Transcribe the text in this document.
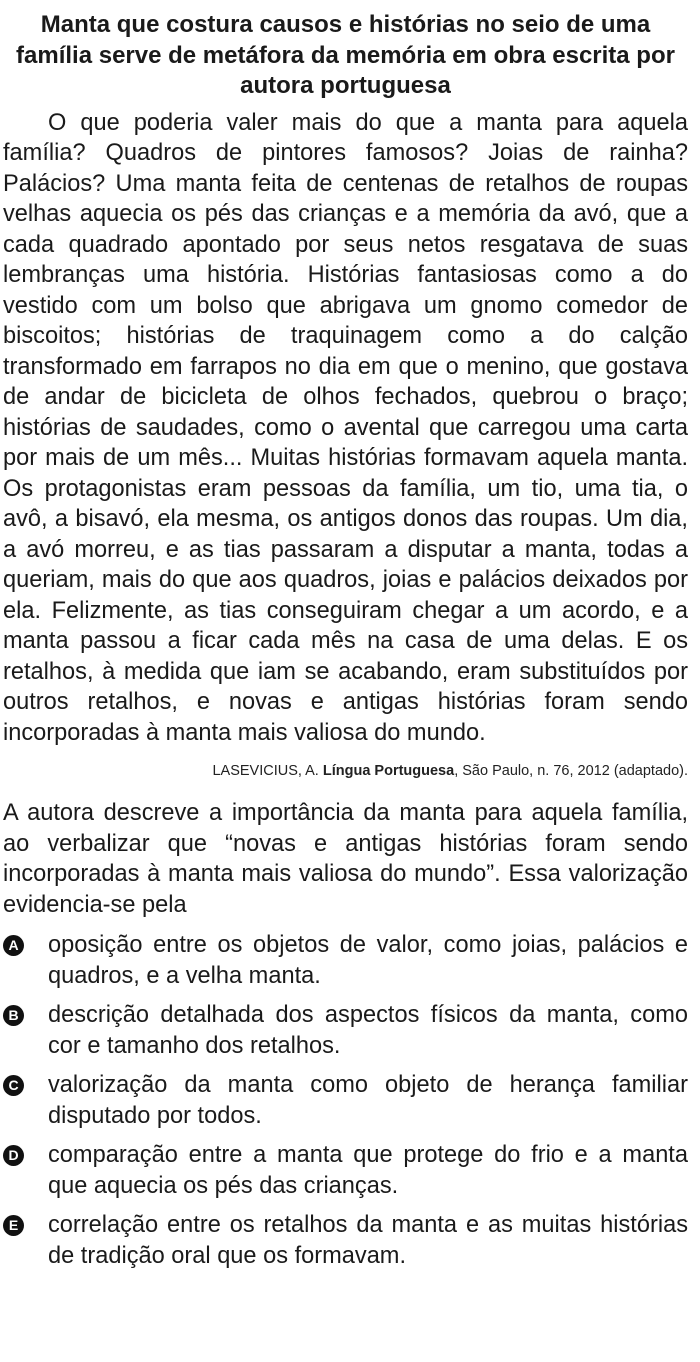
Manta que costura causos e histórias no seio de uma família serve de metáfora da memória em obra escrita por autora portuguesa

O que poderia valer mais do que a manta para aquela família? Quadros de pintores famosos? Joias de rainha? Palácios? Uma manta feita de centenas de retalhos de roupas velhas aquecia os pés das crianças e a memória da avó, que a cada quadrado apontado por seus netos resgatava de suas lembranças uma história. Histórias fantasiosas como a do vestido com um bolso que abrigava um gnomo comedor de biscoitos; histórias de traquinagem como a do calção transformado em farrapos no dia em que o menino, que gostava de andar de bicicleta de olhos fechados, quebrou o braço; histórias de saudades, como o avental que carregou uma carta por mais de um mês... Muitas histórias formavam aquela manta. Os protagonistas eram pessoas da família, um tio, uma tia, o avô, a bisavó, ela mesma, os antigos donos das roupas. Um dia, a avó morreu, e as tias passaram a disputar a manta, todas a queriam, mais do que aos quadros, joias e palácios deixados por ela. Felizmente, as tias conseguiram chegar a um acordo, e a manta passou a ficar cada mês na casa de uma delas. E os retalhos, à medida que iam se acabando, eram substituídos por outros retalhos, e novas e antigas histórias foram sendo incorporadas à manta mais valiosa do mundo.

LASEVICIUS, A. Língua Portuguesa, São Paulo, n. 76, 2012 (adaptado).

A autora descreve a importância da manta para aquela família, ao verbalizar que “novas e antigas histórias foram sendo incorporadas à manta mais valiosa do mundo”. Essa valorização evidencia-se pela

A oposição entre os objetos de valor, como joias, palácios e quadros, e a velha manta.
B descrição detalhada dos aspectos físicos da manta, como cor e tamanho dos retalhos.
C valorização da manta como objeto de herança familiar disputado por todos.
D comparação entre a manta que protege do frio e a manta que aquecia os pés das crianças.
E correlação entre os retalhos da manta e as muitas histórias de tradição oral que os formavam.
